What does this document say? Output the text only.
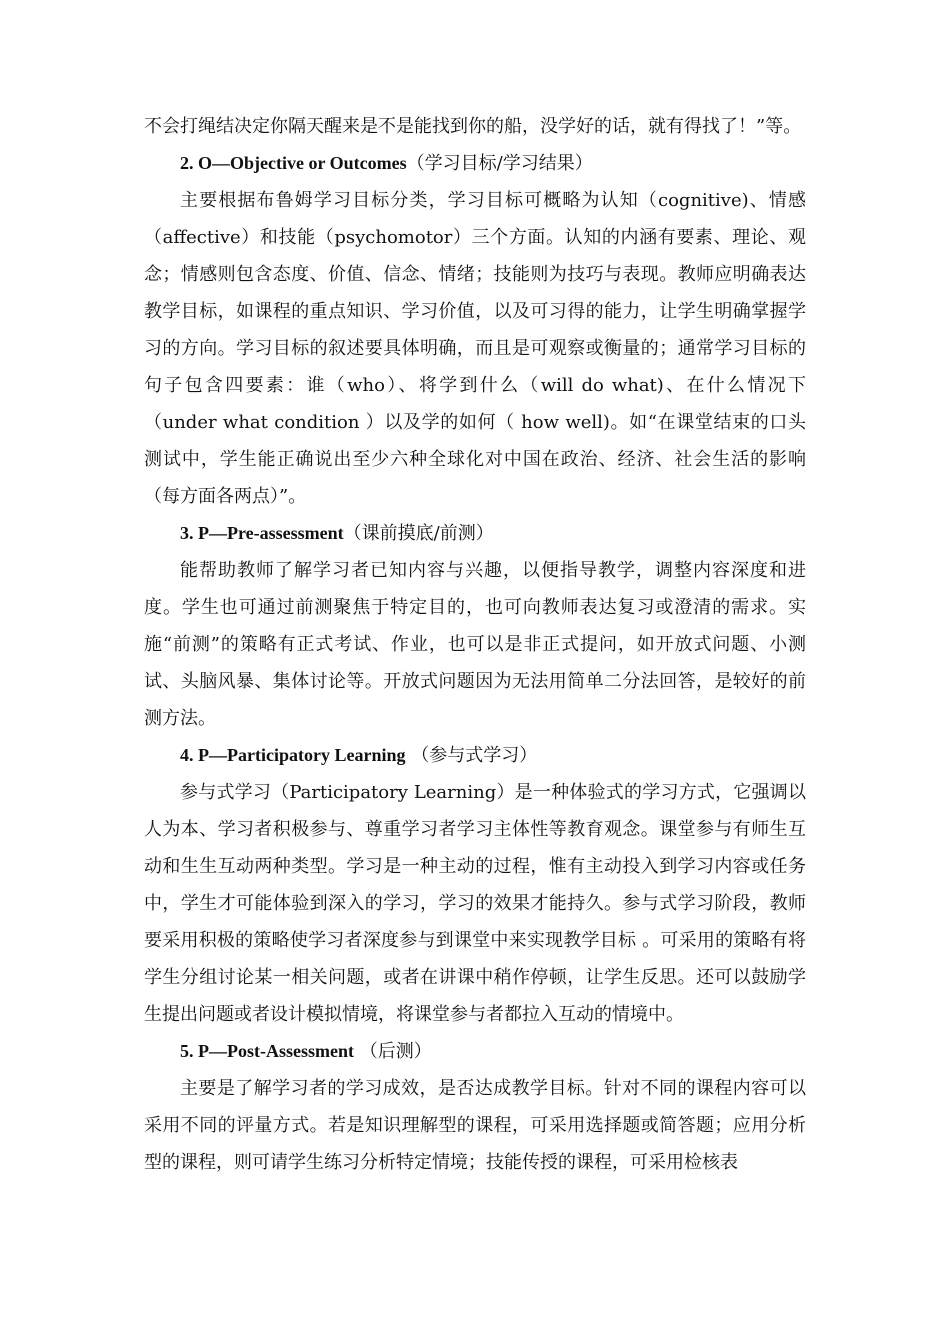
不会打绳结决定你隔天醒来是不是能找到你的船，没学好的话，就有得找了！”等。

2. O—Objective or Outcomes（学习目标/学习结果）

主要根据布鲁姆学习目标分类，学习目标可概略为认知（cognitive)、情感（affective）和技能（psychomotor）三个方面。认知的内涵有要素、理论、观念；情感则包含态度、价值、信念、情绪；技能则为技巧与表现。教师应明确表达教学目标，如课程的重点知识、学习价值，以及可习得的能力，让学生明确掌握学习的方向。学习目标的叙述要具体明确，而且是可观察或衡量的；通常学习目标的句子包含四要素：谁（who）、将学到什么（will do what)、在什么情况下（under what condition ）以及学的如何（ how well)。如“在课堂结束的口头测试中，学生能正确说出至少六种全球化对中国在政治、经济、社会生活的影响（每方面各两点）”。

3. P—Pre-assessment（课前摸底/前测）

能帮助教师了解学习者已知内容与兴趣，以便指导教学，调整内容深度和进度。学生也可通过前测聚焦于特定目的，也可向教师表达复习或澄清的需求。实施“前测”的策略有正式考试、作业，也可以是非正式提问，如开放式问题、小测试、头脑风暴、集体讨论等。开放式问题因为无法用简单二分法回答，是较好的前测方法。

4. P—Participatory Learning （参与式学习）

参与式学习（Participatory Learning）是一种体验式的学习方式，它强调以人为本、学习者积极参与、尊重学习者学习主体性等教育观念。课堂参与有师生互动和生生互动两种类型。学习是一种主动的过程，惟有主动投入到学习内容或任务中，学生才可能体验到深入的学习，学习的效果才能持久。参与式学习阶段，教师要采用积极的策略使学习者深度参与到课堂中来实现教学目标 。可采用的策略有将学生分组讨论某一相关问题，或者在讲课中稍作停顿，让学生反思。还可以鼓励学生提出问题或者设计模拟情境，将课堂参与者都拉入互动的情境中。

5. P—Post-Assessment （后测）

主要是了解学习者的学习成效，是否达成教学目标。针对不同的课程内容可以采用不同的评量方式。若是知识理解型的课程，可采用选择题或简答题；应用分析型的课程，则可请学生练习分析特定情境；技能传授的课程，可采用检核表
